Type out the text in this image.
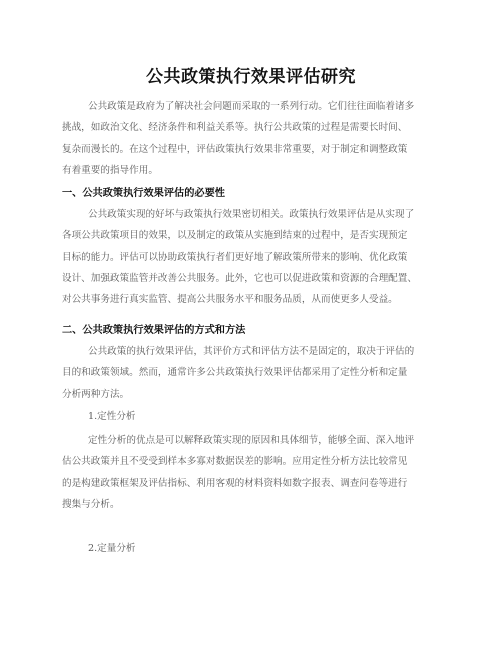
公共政策执行效果评估研究
公共政策是政府为了解决社会问题而采取的一系列行动。它们往往面临着诸多
挑战，如政治文化、经济条件和利益关系等。执行公共政策的过程是需要长时间、
复杂而漫长的。在这个过程中，评估政策执行效果非常重要，对于制定和调整政策
有着重要的指导作用。
一、公共政策执行效果评估的必要性
公共政策实现的好坏与政策执行效果密切相关。政策执行效果评估是从实现了
各项公共政策项目的效果，以及制定的政策从实施到结束的过程中，是否实现预定
目标的能力。评估可以协助政策执行者们更好地了解政策所带来的影响、优化政策
设计、加强政策监管并改善公共服务。此外，它也可以促进政策和资源的合理配置、
对公共事务进行真实监管、提高公共服务水平和服务品质，从而使更多人受益。
二、公共政策执行效果评估的方式和方法
公共政策的执行效果评估，其评价方式和评估方法不是固定的，取决于评估的
目的和政策领域。然而，通常许多公共政策执行效果评估都采用了定性分析和定量
分析两种方法。
1.定性分析
定性分析的优点是可以解释政策实现的原因和具体细节，能够全面、深入地评
估公共政策并且不受受到样本多寡对数据误差的影响。应用定性分析方法比较常见
的是构建政策框架及评估指标、利用客观的材料资料如数字报表、调查问卷等进行
搜集与分析。
2.定量分析
